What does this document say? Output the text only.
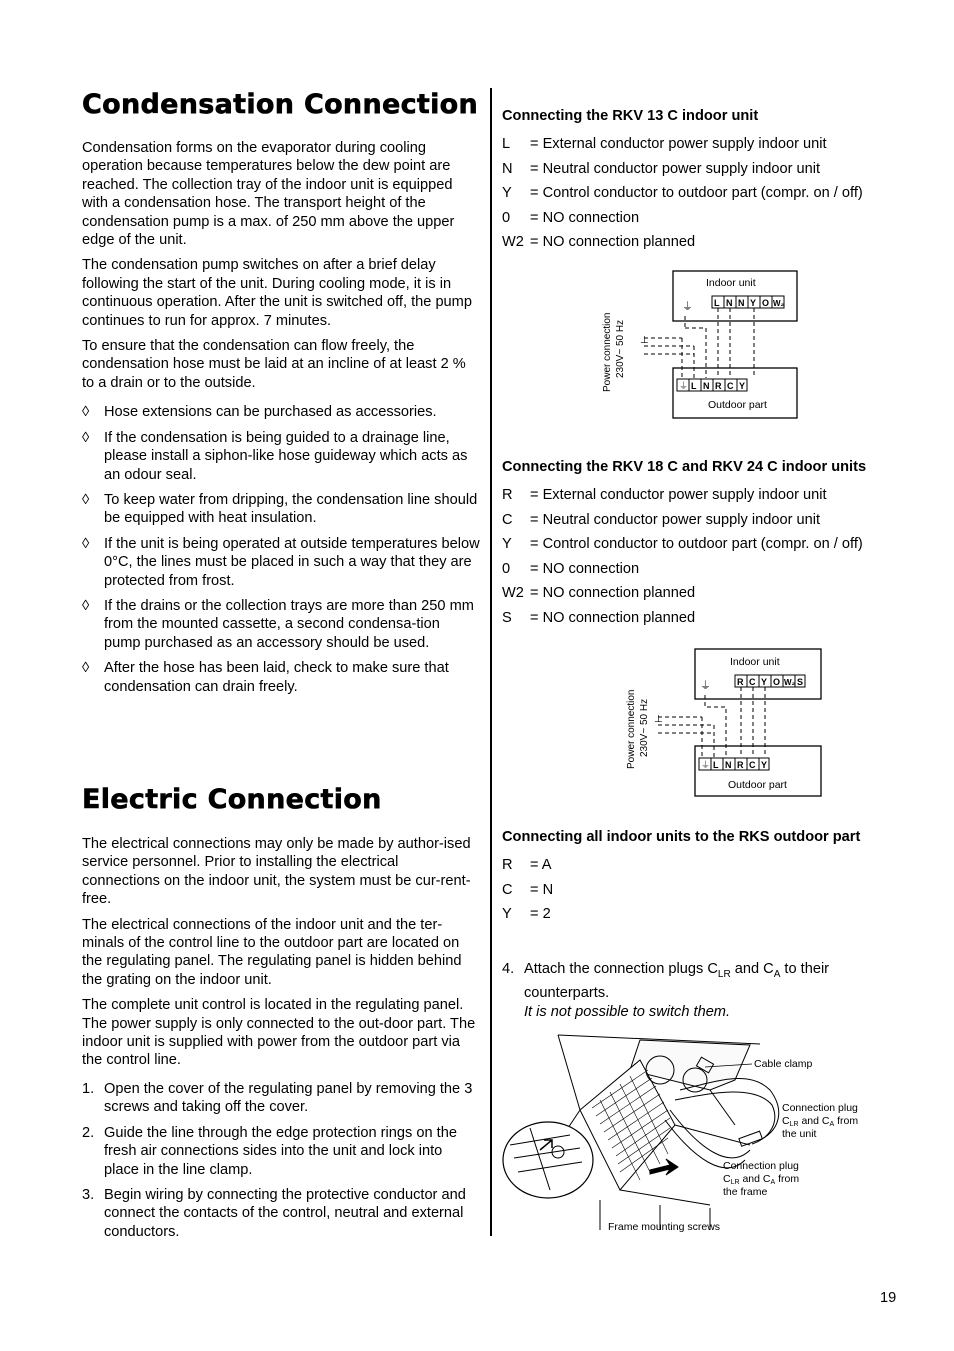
Condensation Connection

Condensation forms on the evaporator during cooling operation because temperatures below the dew point are reached. The collection tray of the indoor unit is equipped with a condensation hose. The transport height of the condensation pump is a max. of 250 mm above the upper edge of the unit.

The condensation pump switches on after a brief delay following the start of the unit. During cooling mode, it is in continuous operation. After the unit is switched off, the pump continues to run for approx. 7 minutes.

To ensure that the condensation can flow freely, the condensation hose must be laid at an incline of at least 2 % to a drain or to the outside.

◊ Hose extensions can be purchased as accessories.
◊ If the condensation is being guided to a drainage line, please install a siphon-like hose guideway which acts as an odour seal.
◊ To keep water from dripping, the condensation line should be equipped with heat insulation.
◊ If the unit is being operated at outside temperatures below 0°C, the lines must be placed in such a way that they are protected from frost.
◊ If the drains or the collection trays are more than 250 mm from the mounted cassette, a second condensa-tion pump purchased as an accessory should be used.
◊ After the hose has been laid, check to make sure that condensation can drain freely.
Electric Connection

The electrical connections may only be made by author-ised service personnel. Prior to installing the electrical connections on the indoor unit, the system must be cur-rent-free.

The electrical connections of the indoor unit and the ter-minals of the control line to the outdoor part are located on the regulating panel. The regulating panel is hidden behind the grating on the indoor unit.

The complete unit control is located in the regulating panel. The power supply is only connected to the out-door part. The indoor unit is supplied with power from the outdoor part via the control line.

1. Open the cover of the regulating panel by removing the 3 screws and taking off the cover.
2. Guide the line through the edge protection rings on the fresh air connections sides into the unit and lock into place in the line clamp.
3. Begin wiring by connecting the protective conductor and connect the contacts of the control, neutral and external conductors.
Connecting the RKV 13 C indoor unit
L	= External conductor power supply indoor unit
N	= Neutral conductor power supply indoor unit
Y	= Control conductor to outdoor part (compr. on / off)
0	= NO connection
W2 = NO connection planned
Indoor unit
L N N Y O W₂
⏚
⊥
⏚ L N R C Y
Outdoor part
Power connection 230V~ 50 Hz
Connecting the RKV 18 C and RKV 24 C indoor units
R	= External conductor power supply indoor unit
C	= Neutral conductor power supply indoor unit
Y	= Control conductor to outdoor part (compr. on / off)
0	= NO connection
W2 = NO connection planned
S	= NO connection planned
Indoor unit
R C Y O W₂ S
⏚
⊥
⏚ L N R C Y
Outdoor part
Power connection 230V~ 50 Hz
Connecting all indoor units to the RKS outdoor part
R	= A
C	= N
Y	= 2
4. Attach the connection plugs $C_{LR}$ and $C_A$ to their counterparts.
It is not possible to switch them.
Cable clamp
Connection plug
CLR and CA from
the unit
Connection plug
CLR and CA from
the frame
Frame mounting screws
19
